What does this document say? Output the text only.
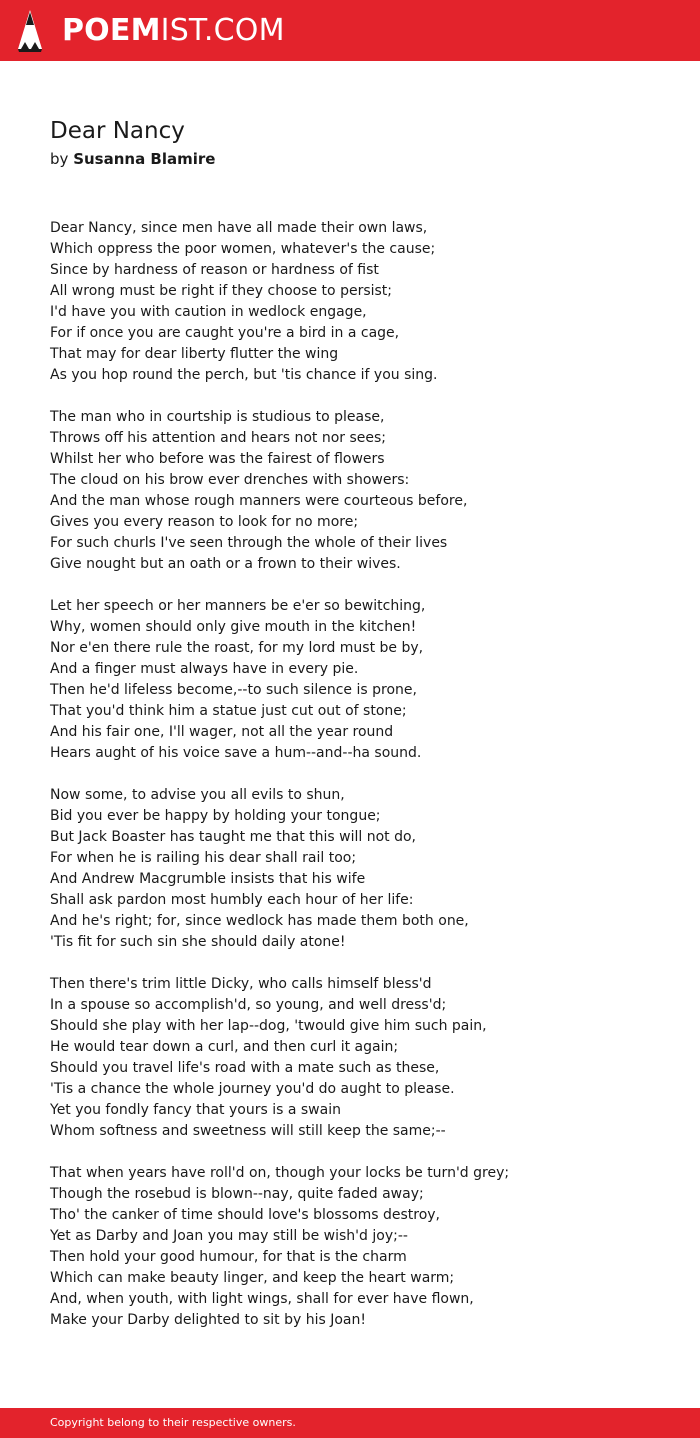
POEMIST.COM
Dear Nancy
by Susanna Blamire
Dear Nancy, since men have all made their own laws,
Which oppress the poor women, whatever's the cause;
Since by hardness of reason or hardness of fist
All wrong must be right if they choose to persist;
I'd have you with caution in wedlock engage,
For if once you are caught you're a bird in a cage,
That may for dear liberty flutter the wing
As you hop round the perch, but 'tis chance if you sing.
The man who in courtship is studious to please,
Throws off his attention and hears not nor sees;
Whilst her who before was the fairest of flowers
The cloud on his brow ever drenches with showers:
And the man whose rough manners were courteous before,
Gives you every reason to look for no more;
For such churls I've seen through the whole of their lives
Give nought but an oath or a frown to their wives.
Let her speech or her manners be e'er so bewitching,
Why, women should only give mouth in the kitchen!
Nor e'en there rule the roast, for my lord must be by,
And a finger must always have in every pie.
Then he'd lifeless become,--to such silence is prone,
That you'd think him a statue just cut out of stone;
And his fair one, I'll wager, not all the year round
Hears aught of his voice save a hum--and--ha sound.
Now some, to advise you all evils to shun,
Bid you ever be happy by holding your tongue;
But Jack Boaster has taught me that this will not do,
For when he is railing his dear shall rail too;
And Andrew Macgrumble insists that his wife
Shall ask pardon most humbly each hour of her life:
And he's right; for, since wedlock has made them both one,
'Tis fit for such sin she should daily atone!
Then there's trim little Dicky, who calls himself bless'd
In a spouse so accomplish'd, so young, and well dress'd;
Should she play with her lap--dog, 'twould give him such pain,
He would tear down a curl, and then curl it again;
Should you travel life's road with a mate such as these,
'Tis a chance the whole journey you'd do aught to please.
Yet you fondly fancy that yours is a swain
Whom softness and sweetness will still keep the same;--
That when years have roll'd on, though your locks be turn'd grey;
Though the rosebud is blown--nay, quite faded away;
Tho' the canker of time should love's blossoms destroy,
Yet as Darby and Joan you may still be wish'd joy;--
Then hold your good humour, for that is the charm
Which can make beauty linger, and keep the heart warm;
And, when youth, with light wings, shall for ever have flown,
Make your Darby delighted to sit by his Joan!
Copyright belong to their respective owners.
